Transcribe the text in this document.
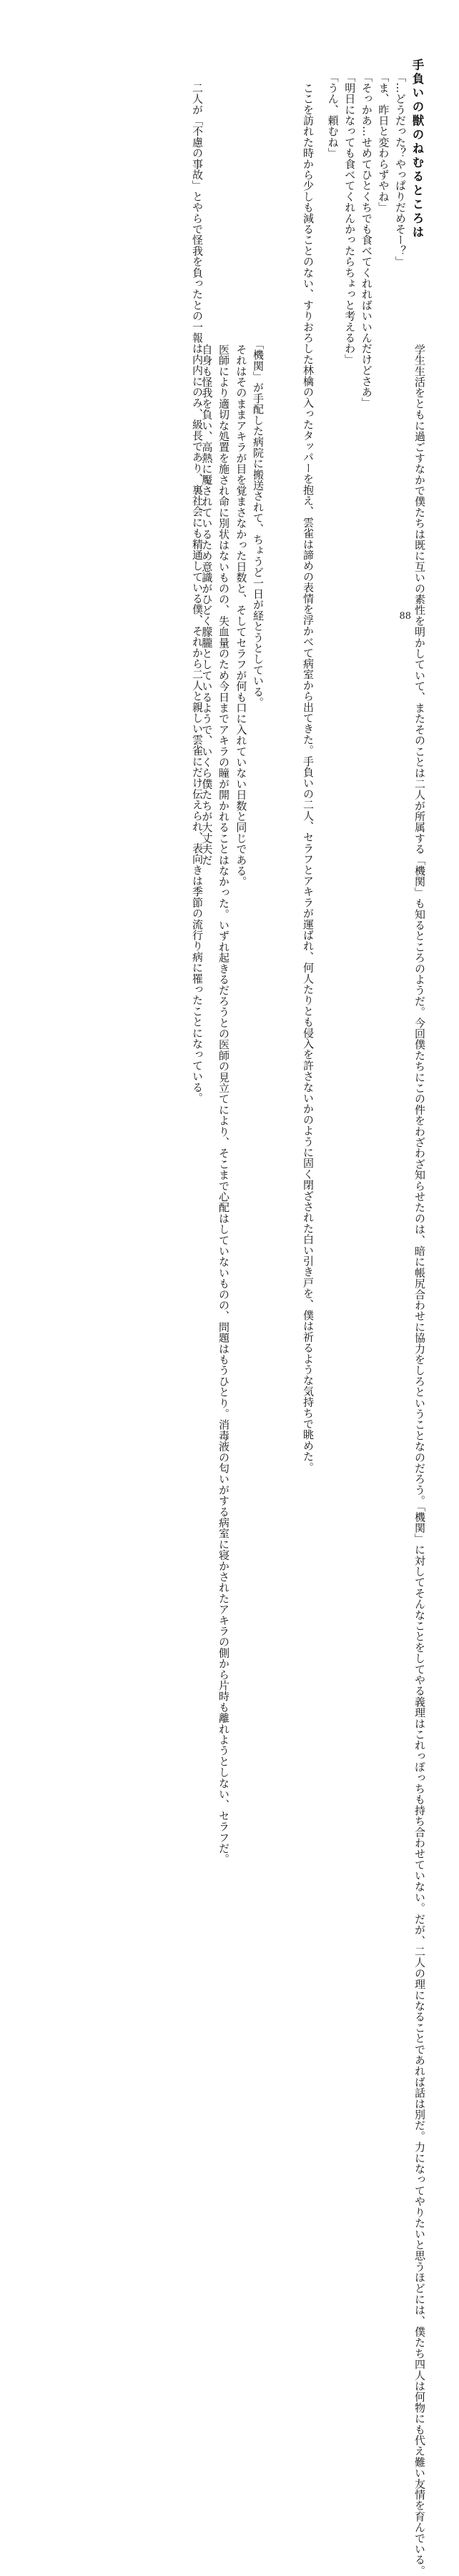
手負いの獣のねむるところは
「…どうだった？やっぱりだめそー？」
「ま、昨日と変わらずやね」
「そっかあ…せめてひとくちでも食べてくれればいいんだけどさあ」
「明日になっても食べてくれんかったらちょっと考えるわ」
「うん、頼むね」
　ここを訪れた時から少しも減ることのない、すりおろした林檎の入ったタッパーを抱え、雲雀は諦めの表情を浮かべて病室から出てきた。手負いの二人、セラフとアキラが運ばれ、何人たりとも侵入を許さないかのように固く閉ざされた白い引き戸を、僕は祈るような気持ちで眺めた。
　二人が「不慮の事故」とやらで怪我を負ったとの一報は内内にのみ、級長であり、裏社会にも精通している僕、それから二人と親しい雲雀にだけ伝えられ、表向きは季節の流行り病に罹ったことになっている。	　学生生活をともに過ごすなかで僕たちは既に互いの素性を明かしていて、またそのことは二人が所属する「機関」も知るところのようだ。今回僕たちにこの件をわざわざ知らせたのは、暗に帳尻合わせに協力をしろということなのだろう。「機関」に対してそんなことをしてやる義理はこれっぽっちも持ち合わせていない。だが、二人の理になることであれば話は別だ。力になってやりたいと思うほどには、僕たち四人は何物にも代え難い友情を育んでいる。
　「機関」が手配した病院に搬送されて、ちょうど一日が経とうとしている。
　それはそのままアキラが目を覚まさなかった日数と、そしてセラフが何も口に入れていない日数と同じである。
　医師により適切な処置を施され命に別状はないものの、失血量のため今日までアキラの瞳が開かれることはなかった。いずれ起きるだろうとの医師の見立てにより、そこまで心配はしていないものの、問題はもうひとり。消毒液の匂いがする病室に寝かされたアキラの側から片時も離れようとしない、セラフだ。
　自身も怪我を負い、高熱に魘されているため意識がひどく朦朧としているようで、いくら僕たちが大丈夫だ	88
